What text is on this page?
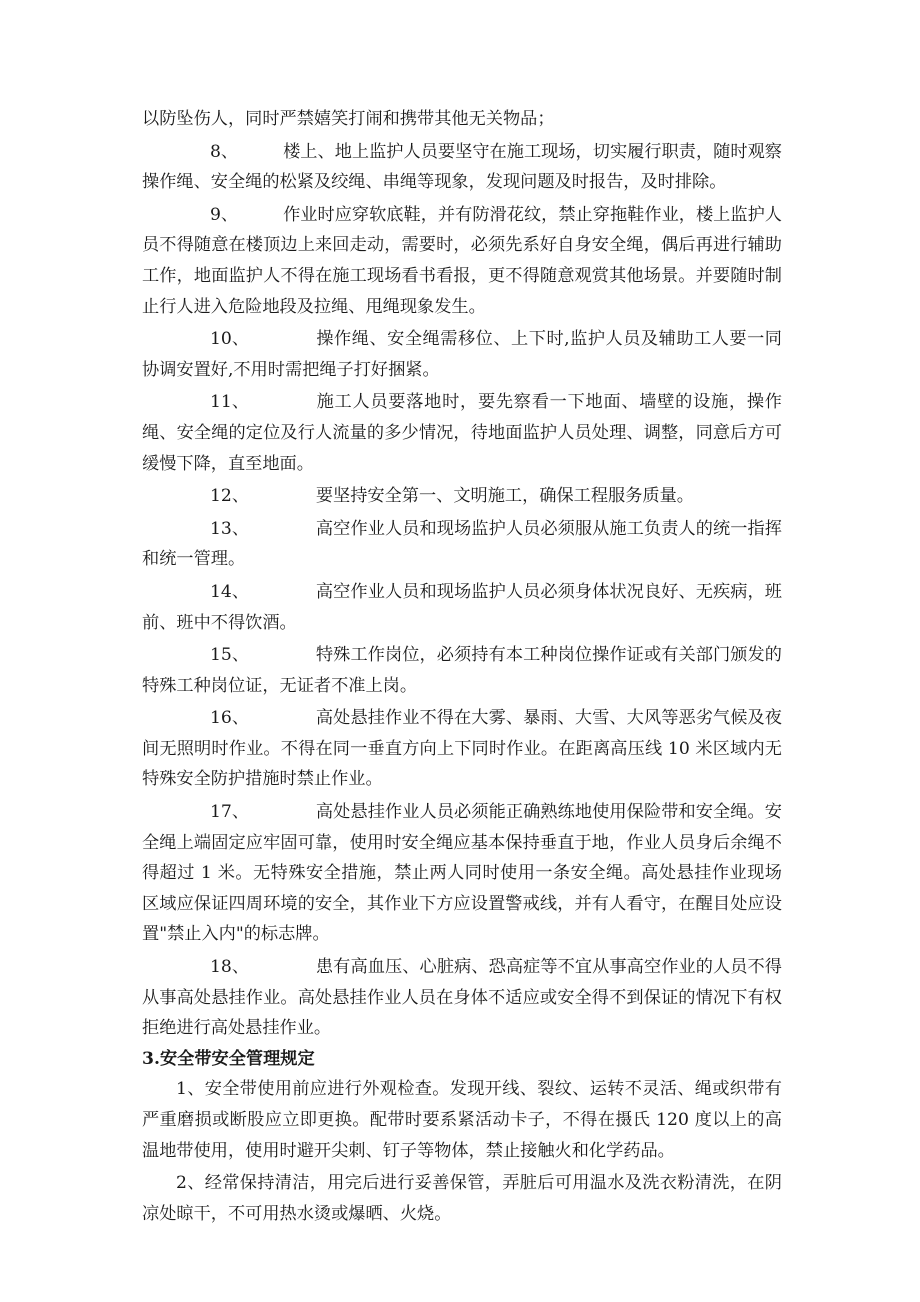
以防坠伤人，同时严禁嬉笑打闹和携带其他无关物品；

8、	楼上、地上监护人员要坚守在施工现场，切实履行职责，随时观察操作绳、安全绳的松紧及绞绳、串绳等现象，发现问题及时报告，及时排除。

9、	作业时应穿软底鞋，并有防滑花纹，禁止穿拖鞋作业，楼上监护人员不得随意在楼顶边上来回走动，需要时，必须先系好自身安全绳，偶后再进行辅助工作，地面监护人不得在施工现场看书看报，更不得随意观赏其他场景。并要随时制止行人进入危险地段及拉绳、甩绳现象发生。

10、	操作绳、安全绳需移位、上下时,监护人员及辅助工人要一同协调安置好,不用时需把绳子打好捆紧。

11、	施工人员要落地时，要先察看一下地面、墙壁的设施，操作绳、安全绳的定位及行人流量的多少情况，待地面监护人员处理、调整，同意后方可缓慢下降，直至地面。

12、	要坚持安全第一、文明施工，确保工程服务质量。

13、	高空作业人员和现场监护人员必须服从施工负责人的统一指挥和统一管理。

14、	高空作业人员和现场监护人员必须身体状况良好、无疾病，班前、班中不得饮酒。

15、	特殊工作岗位，必须持有本工种岗位操作证或有关部门颁发的特殊工种岗位证，无证者不准上岗。

16、	高处悬挂作业不得在大雾、暴雨、大雪、大风等恶劣气候及夜间无照明时作业。不得在同一垂直方向上下同时作业。在距离高压线 10 米区域内无特殊安全防护措施时禁止作业。

17、	高处悬挂作业人员必须能正确熟练地使用保险带和安全绳。安全绳上端固定应牢固可靠，使用时安全绳应基本保持垂直于地，作业人员身后余绳不得超过 1 米。无特殊安全措施，禁止两人同时使用一条安全绳。高处悬挂作业现场区域应保证四周环境的安全，其作业下方应设置警戒线，并有人看守，在醒目处应设置"禁止入内"的标志牌。

18、	患有高血压、心脏病、恐高症等不宜从事高空作业的人员不得从事高处悬挂作业。高处悬挂作业人员在身体不适应或安全得不到保证的情况下有权拒绝进行高处悬挂作业。

3.安全带安全管理规定

1、安全带使用前应进行外观检查。发现开线、裂纹、运转不灵活、绳或织带有严重磨损或断股应立即更换。配带时要系紧活动卡子，不得在摄氏 120 度以上的高温地带使用，使用时避开尖刺、钉子等物体，禁止接触火和化学药品。

2、经常保持清洁，用完后进行妥善保管，弄脏后可用温水及洗衣粉清洗，在阴凉处晾干，不可用热水烫或爆晒、火烧。
